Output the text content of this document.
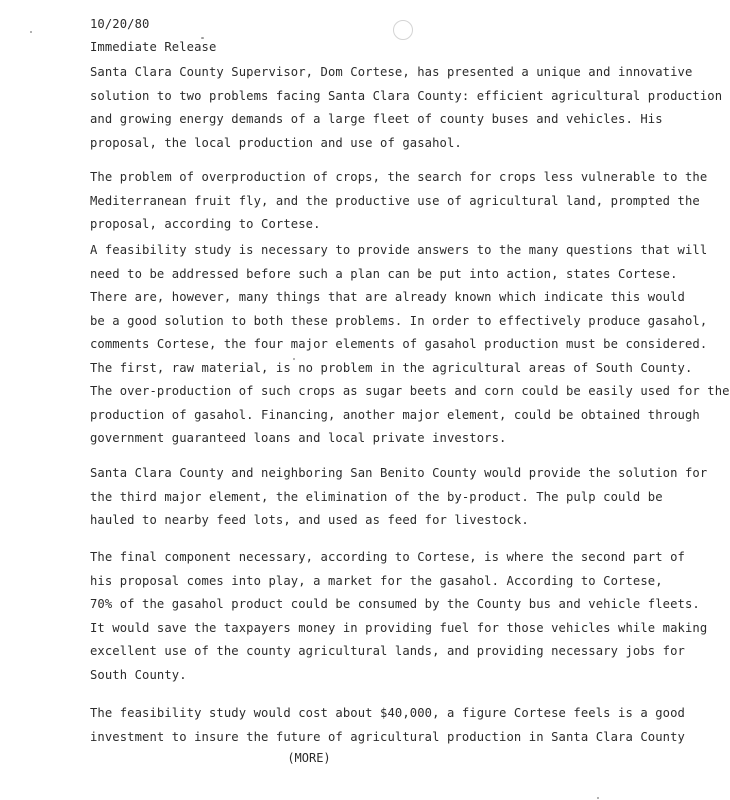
10/20/80
Immediate Release
Santa Clara County Supervisor, Dom Cortese, has presented a unique and innovative
solution to two problems facing Santa Clara County: efficient agricultural production
and growing energy demands of a large fleet of county buses and vehicles. His
proposal, the local production and use of gasahol.
The problem of overproduction of crops, the search for crops less vulnerable to the
Mediterranean fruit fly, and the productive use of agricultural land, prompted the
proposal, according to Cortese.
A feasibility study is necessary to provide answers to the many questions that will
need to be addressed before such a plan can be put into action, states Cortese.
There are, however, many things that are already known which indicate this would
be a good solution to both these problems. In order to effectively produce gasahol,
comments Cortese, the four major elements of gasahol production must be considered.
The first, raw material, is no problem in the agricultural areas of South County.
The over-production of such crops as sugar beets and corn could be easily used for the
production of gasahol. Financing, another major element, could be obtained through
government guaranteed loans and local private investors.
Santa Clara County and neighboring San Benito County would provide the solution for
the third major element, the elimination of the by-product. The pulp could be
hauled to nearby feed lots, and used as feed for livestock.
The final component necessary, according to Cortese, is where the second part of
his proposal comes into play, a market for the gasahol. According to Cortese,
70% of the gasahol product could be consumed by the County bus and vehicle fleets.
It would save the taxpayers money in providing fuel for those vehicles while making
excellent use of the county agricultural lands, and providing necessary jobs for
South County.
The feasibility study would cost about $40,000, a figure Cortese feels is a good
investment to insure the future of agricultural production in Santa Clara County
(MORE)
